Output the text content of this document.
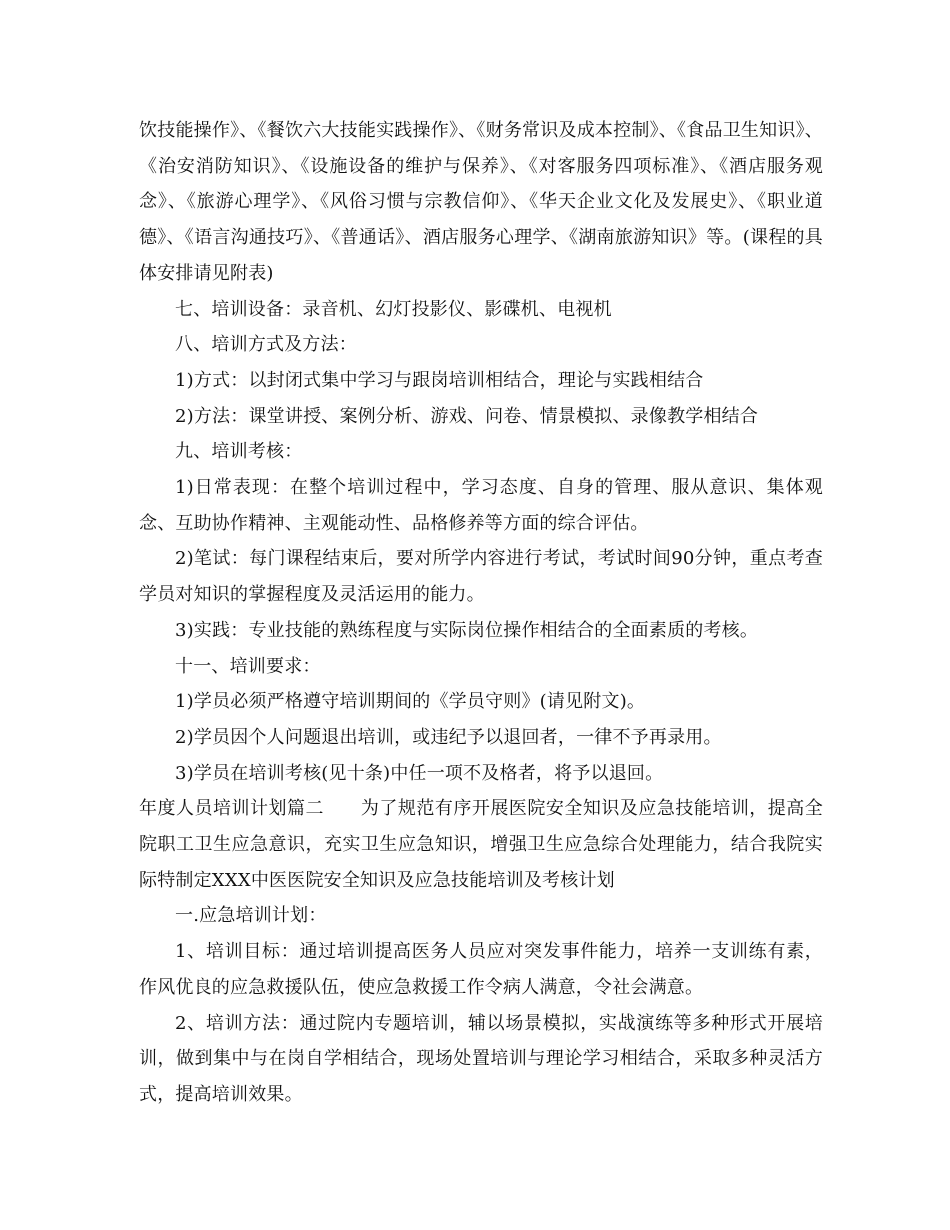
饮技能操作》、《餐饮六大技能实践操作》、《财务常识及成本控制》、《食品卫生知识》、《治安消防知识》、《设施设备的维护与保养》、《对客服务四项标准》、《酒店服务观念》、《旅游心理学》、《风俗习惯与宗教信仰》、《华天企业文化及发展史》、《职业道德》、《语言沟通技巧》、《普通话》、酒店服务心理学、《湖南旅游知识》等。(课程的具体安排请见附表)

七、培训设备：录音机、幻灯投影仪、影碟机、电视机

八、培训方式及方法：

1)方式：以封闭式集中学习与跟岗培训相结合，理论与实践相结合

2)方法：课堂讲授、案例分析、游戏、问卷、情景模拟、录像教学相结合

九、培训考核：

1)日常表现：在整个培训过程中，学习态度、自身的管理、服从意识、集体观念、互助协作精神、主观能动性、品格修养等方面的综合评估。

2)笔试：每门课程结束后，要对所学内容进行考试，考试时间90分钟，重点考查学员对知识的掌握程度及灵活运用的能力。

3)实践：专业技能的熟练程度与实际岗位操作相结合的全面素质的考核。

十一、培训要求：

1)学员必须严格遵守培训期间的《学员守则》(请见附文)。

2)学员因个人问题退出培训，或违纪予以退回者，一律不予再录用。

3)学员在培训考核(见十条)中任一项不及格者，将予以退回。

年度人员培训计划篇二　　为了规范有序开展医院安全知识及应急技能培训，提高全院职工卫生应急意识，充实卫生应急知识，增强卫生应急综合处理能力，结合我院实际特制定XXX中医医院安全知识及应急技能培训及考核计划

一.应急培训计划：

1、培训目标：通过培训提高医务人员应对突发事件能力，培养一支训练有素，作风优良的应急救援队伍，使应急救援工作令病人满意，令社会满意。

2、培训方法：通过院内专题培训，辅以场景模拟，实战演练等多种形式开展培训，做到集中与在岗自学相结合，现场处置培训与理论学习相结合，采取多种灵活方式，提高培训效果。
